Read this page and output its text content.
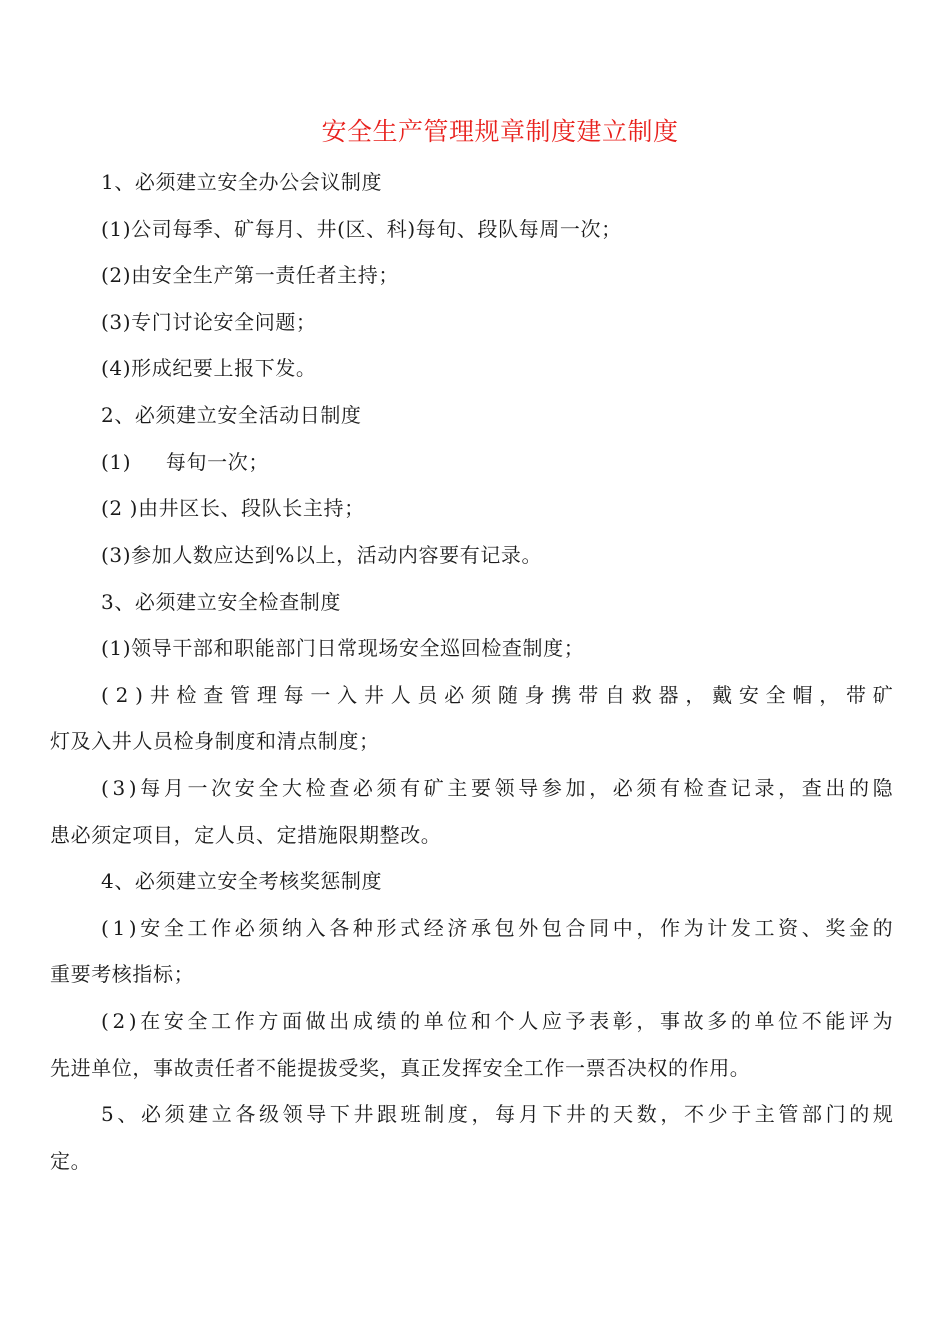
安全生产管理规章制度建立制度
1、必须建立安全办公会议制度
(1)公司每季、矿每月、井(区、科)每旬、段队每周一次；
(2)由安全生产第一责任者主持；
(3)专门讨论安全问题；
(4)形成纪要上报下发。
2、必须建立安全活动日制度
(1)     每旬一次；
(2 )由井区长、段队长主持；
(3)参加人数应达到%以上，活动内容要有记录。
3、必须建立安全检查制度
(1)领导干部和职能部门日常现场安全巡回检查制度；
( 2 ) 井 检 查 管 理 每 一 入 井 人 员 必 须 随 身 携 带 自 救 器 ， 戴 安 全 帽 ， 带 矿
灯及入井人员检身制度和清点制度；
( 3 ) 每 月 一 次 安 全 大 检 查 必 须 有 矿 主 要 领 导 参 加 ， 必 须 有 检 查 记 录 ， 查 出 的 隐
患必须定项目，定人员、定措施限期整改。
4、必须建立安全考核奖惩制度
( 1 ) 安 全 工 作 必 须 纳 入 各 种 形 式 经 济 承 包 外 包 合 同 中 ， 作 为 计 发 工 资 、 奖 金 的
重要考核指标；
( 2 ) 在 安 全 工 作 方 面 做 出 成 绩 的 单 位 和 个 人 应 予 表 彰 ， 事 故 多 的 单 位 不 能 评 为
先进单位，事故责任者不能提拔受奖，真正发挥安全工作一票否决权的作用。
5 、 必 须 建 立 各 级 领 导 下 井 跟 班 制 度 ， 每 月 下 井 的 天 数 ， 不 少 于 主 管 部 门 的 规
定。
